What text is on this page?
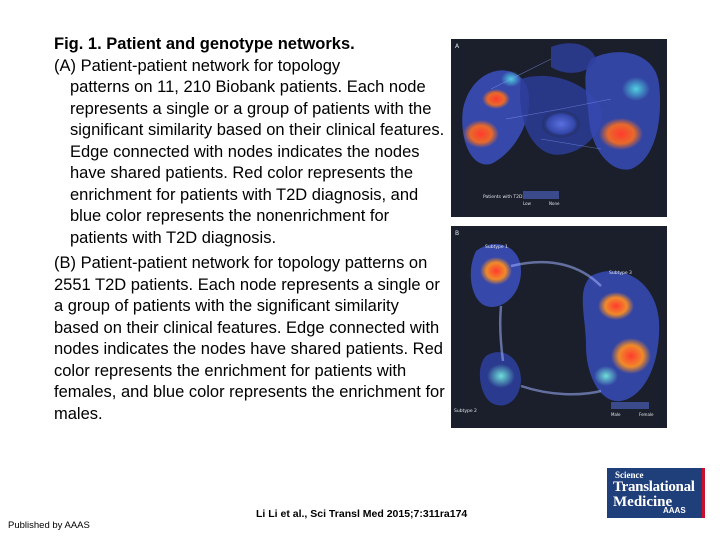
Fig. 1. Patient and genotype networks.
(A) Patient-patient network for topology
patterns on 11, 210 Biobank patients. Each node represents a single or a group of patients with the significant similarity based on their clinical features. Edge connected with nodes indicates the nodes have shared patients. Red color represents the enrichment for patients with T2D diagnosis, and blue color represents the nonenrichment for patients with T2D diagnosis.
(B) Patient-patient network for topology patterns on 2551 T2D patients. Each node represents a single or a group of patients with the significant similarity based on their clinical features. Edge connected with nodes indicates the nodes have shared patients. Red color represents the enrichment for patients with females, and blue color represents the enrichment for males.
A
Patients with T2D
Low	None
B
Subtype 1
Subtype 2
Subtype 3
Male	Female
Li Li et al., Sci Transl Med 2015;7:311ra174
Published by AAAS
Science
Translational
Medicine
AAAS
